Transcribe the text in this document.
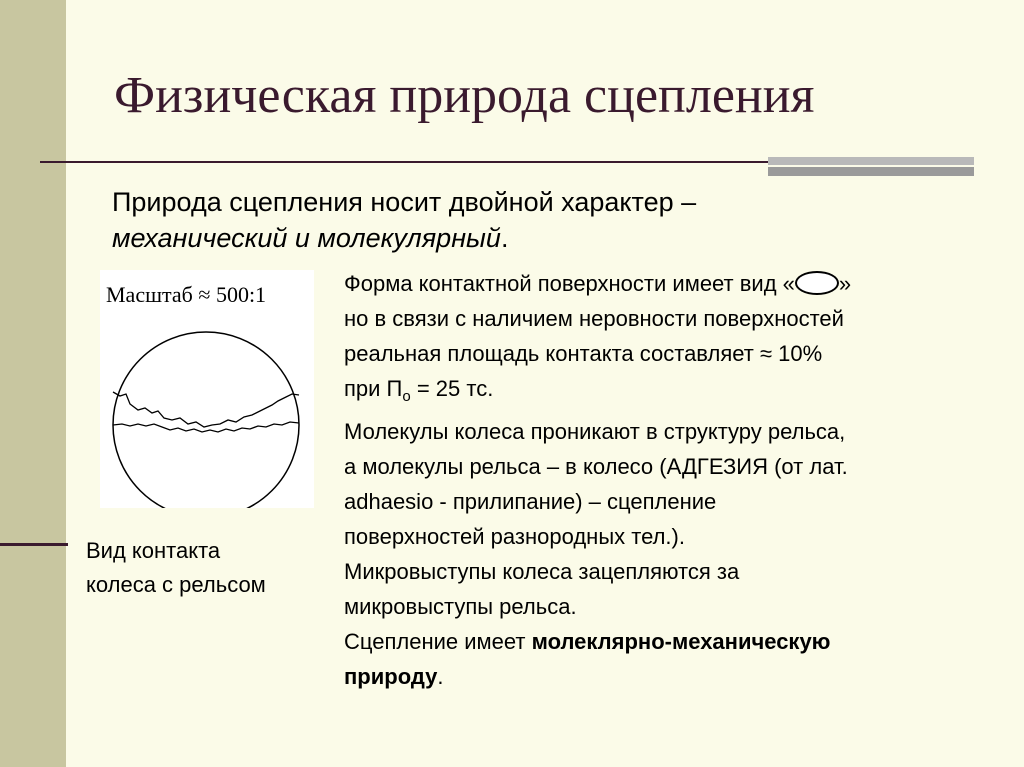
Физическая природа сцепления
Природа сцепления носит двойной характер –
механический и молекулярный.
Масштаб ≈ 500:1
Вид контакта
колеса с рельсом

Форма контактной поверхности имеет вид « »

но в связи с наличием неровности поверхностей

реальная площадь контакта составляет ≈ 10%

при $П_о = 25$ тс.

Молекулы колеса проникают в структуру рельса,

а молекулы рельса – в колесо (АДГЕЗИЯ (от лат.

adhaesio - прилипание) – сцепление

поверхностей разнородных тел.).

Микровыступы колеса зацепляются за

микровыступы рельса.

Сцепление имеет молеклярно-механическую

природу.
